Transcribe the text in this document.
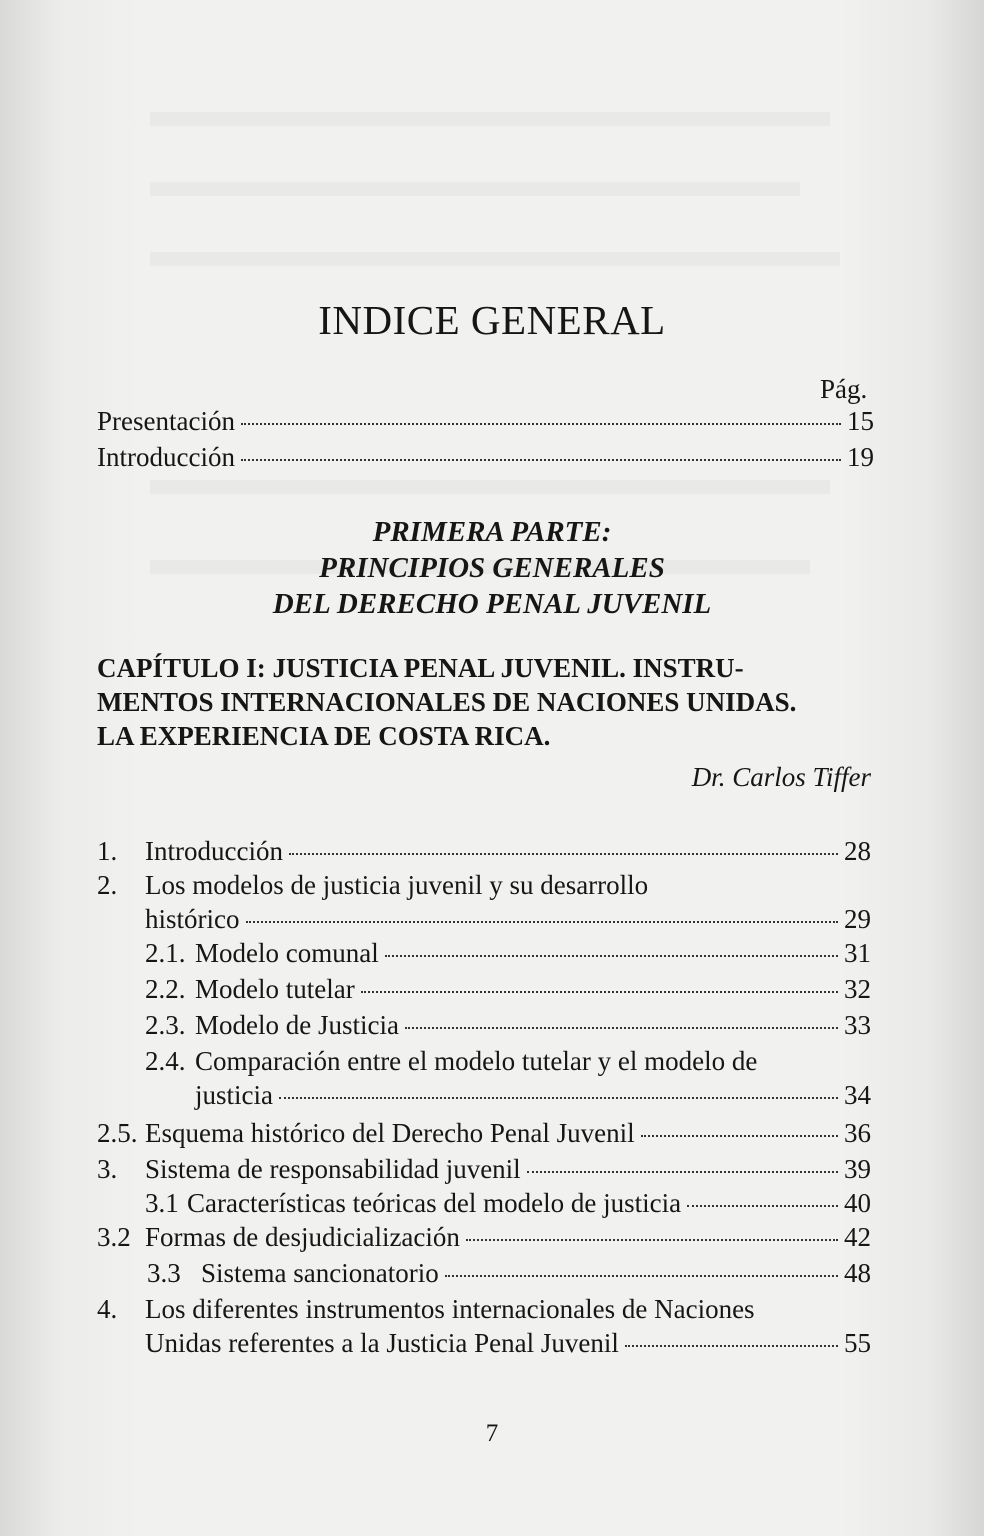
INDICE GENERAL
Pág.
Presentación	15
Introducción	19
PRIMERA PARTE:
PRINCIPIOS GENERALES
DEL DERECHO PENAL JUVENIL
CAPÍTULO I: JUSTICIA PENAL JUVENIL. INSTRU-
MENTOS INTERNACIONALES DE NACIONES UNIDAS.
LA EXPERIENCIA DE COSTA RICA.
Dr. Carlos Tiffer
1.	Introducción	28
2. Los modelos de justicia juvenil y su desarrollo
histórico	29
2.1. Modelo comunal	31
2.2. Modelo tutelar	32
2.3. Modelo de Justicia	33
2.4. Comparación entre el modelo tutelar y el modelo de
justicia	34
2.5. Esquema histórico del Derecho Penal Juvenil	36
3.	Sistema de responsabilidad juvenil	39
3.1 Características teóricas del modelo de justicia	40
3.2 Formas de desjudicialización	42
3.3 Sistema sancionatorio	48
4. Los diferentes instrumentos internacionales de Naciones
Unidas referentes a la Justicia Penal Juvenil	55
7
